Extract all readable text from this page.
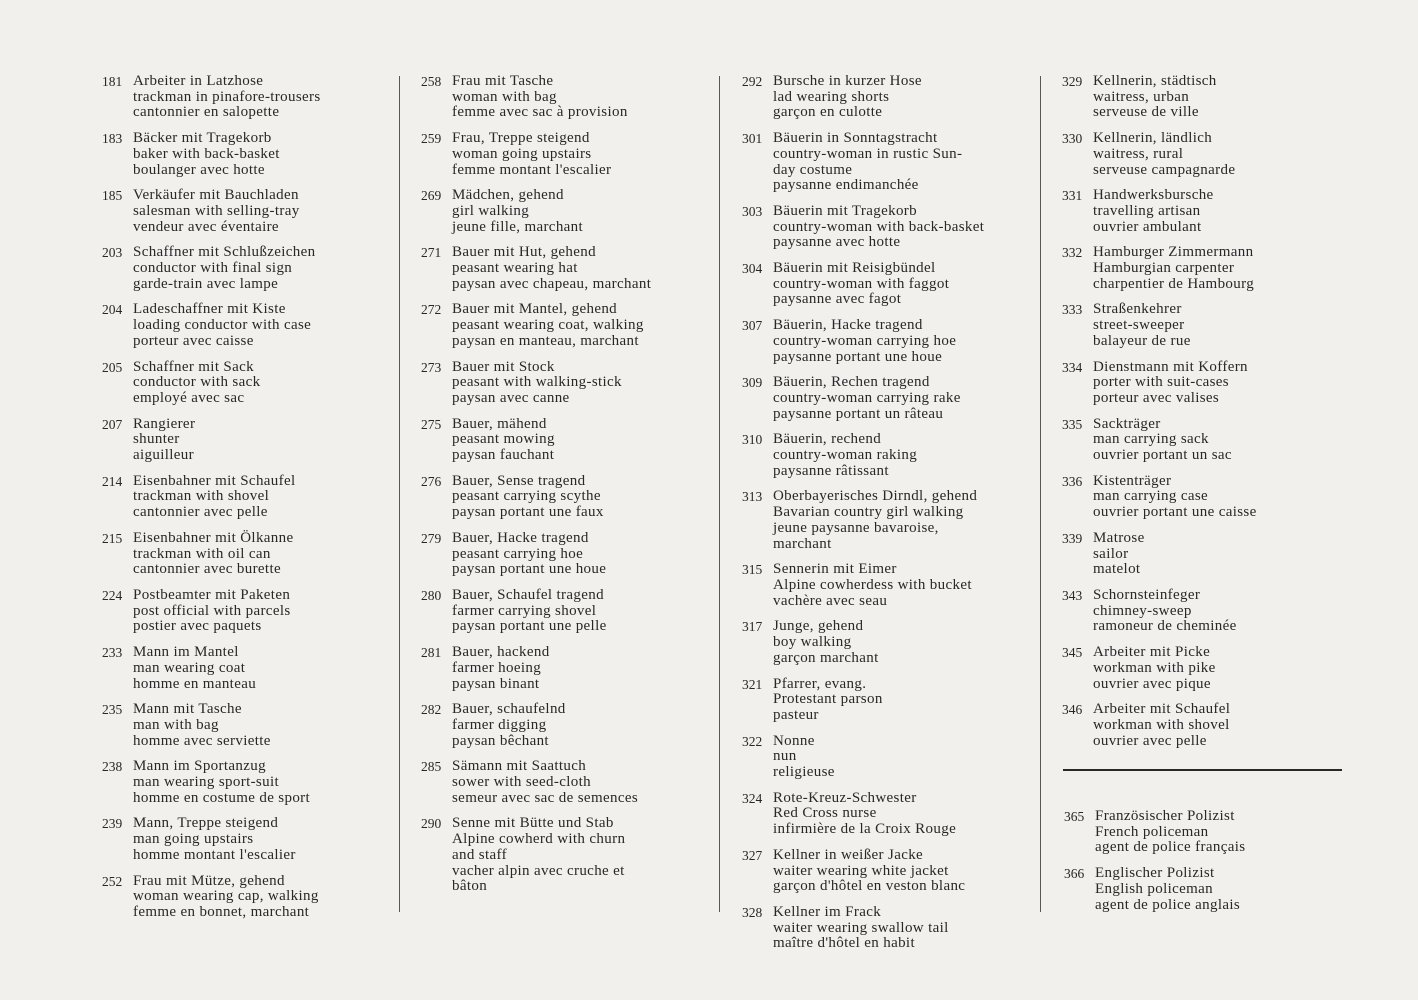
181 Arbeiter in Latzhose
trackman in pinafore-trousers
cantonnier en salopette
183 Bäcker mit Tragekorb
baker with back-basket
boulanger avec hotte
185 Verkäufer mit Bauchladen
salesman with selling-tray
vendeur avec éventaire
203 Schaffner mit Schlußzeichen
conductor with final sign
garde-train avec lampe
204 Ladeschaffner mit Kiste
loading conductor with case
porteur avec caisse
205 Schaffner mit Sack
conductor with sack
employé avec sac
207 Rangierer
shunter
aiguilleur
214 Eisenbahner mit Schaufel
trackman with shovel
cantonnier avec pelle
215 Eisenbahner mit Ölkanne
trackman with oil can
cantonnier avec burette
224 Postbeamter mit Paketen
post official with parcels
postier avec paquets
233 Mann im Mantel
man wearing coat
homme en manteau
235 Mann mit Tasche
man with bag
homme avec serviette
238 Mann im Sportanzug
man wearing sport-suit
homme en costume de sport
239 Mann, Treppe steigend
man going upstairs
homme montant l'escalier
252 Frau mit Mütze, gehend
woman wearing cap, walking
femme en bonnet, marchant
258 Frau mit Tasche
woman with bag
femme avec sac à provision
259 Frau, Treppe steigend
woman going upstairs
femme montant l'escalier
269 Mädchen, gehend
girl walking
jeune fille, marchant
271 Bauer mit Hut, gehend
peasant wearing hat
paysan avec chapeau, marchant
272 Bauer mit Mantel, gehend
peasant wearing coat, walking
paysan en manteau, marchant
273 Bauer mit Stock
peasant with walking-stick
paysan avec canne
275 Bauer, mähend
peasant mowing
paysan fauchant
276 Bauer, Sense tragend
peasant carrying scythe
paysan portant une faux
279 Bauer, Hacke tragend
peasant carrying hoe
paysan portant une houe
280 Bauer, Schaufel tragend
farmer carrying shovel
paysan portant une pelle
281 Bauer, hackend
farmer hoeing
paysan binant
282 Bauer, schaufelnd
farmer digging
paysan bêchant
285 Sämann mit Saattuch
sower with seed-cloth
semeur avec sac de semences
290 Senne mit Bütte und Stab
Alpine cowherd with churn
and staff
vacher alpin avec cruche et
bâton
292 Bursche in kurzer Hose
lad wearing shorts
garçon en culotte
301 Bäuerin in Sonntagstracht
country-woman in rustic Sun-
day costume
paysanne endimanchée
303 Bäuerin mit Tragekorb
country-woman with back-basket
paysanne avec hotte
304 Bäuerin mit Reisigbündel
country-woman with faggot
paysanne avec fagot
307 Bäuerin, Hacke tragend
country-woman carrying hoe
paysanne portant une houe
309 Bäuerin, Rechen tragend
country-woman carrying rake
paysanne portant un râteau
310 Bäuerin, rechend
country-woman raking
paysanne râtissant
313 Oberbayerisches Dirndl, gehend
Bavarian country girl walking
jeune paysanne bavaroise,
marchant
315 Sennerin mit Eimer
Alpine cowherdess with bucket
vachère avec seau
317 Junge, gehend
boy walking
garçon marchant
321 Pfarrer, evang.
Protestant parson
pasteur
322 Nonne
nun
religieuse
324 Rote-Kreuz-Schwester
Red Cross nurse
infirmière de la Croix Rouge
327 Kellner in weißer Jacke
waiter wearing white jacket
garçon d'hôtel en veston blanc
328 Kellner im Frack
waiter wearing swallow tail
maître d'hôtel en habit
329 Kellnerin, städtisch
waitress, urban
serveuse de ville
330 Kellnerin, ländlich
waitress, rural
serveuse campagnarde
331 Handwerksbursche
travelling artisan
ouvrier ambulant
332 Hamburger Zimmermann
Hamburgian carpenter
charpentier de Hambourg
333 Straßenkehrer
street-sweeper
balayeur de rue
334 Dienstmann mit Koffern
porter with suit-cases
porteur avec valises
335 Sackträger
man carrying sack
ouvrier portant un sac
336 Kistenträger
man carrying case
ouvrier portant une caisse
339 Matrose
sailor
matelot
343 Schornsteinfeger
chimney-sweep
ramoneur de cheminée
345 Arbeiter mit Picke
workman with pike
ouvrier avec pique
346 Arbeiter mit Schaufel
workman with shovel
ouvrier avec pelle
365 Französischer Polizist
French policeman
agent de police français
366 Englischer Polizist
English policeman
agent de police anglais
